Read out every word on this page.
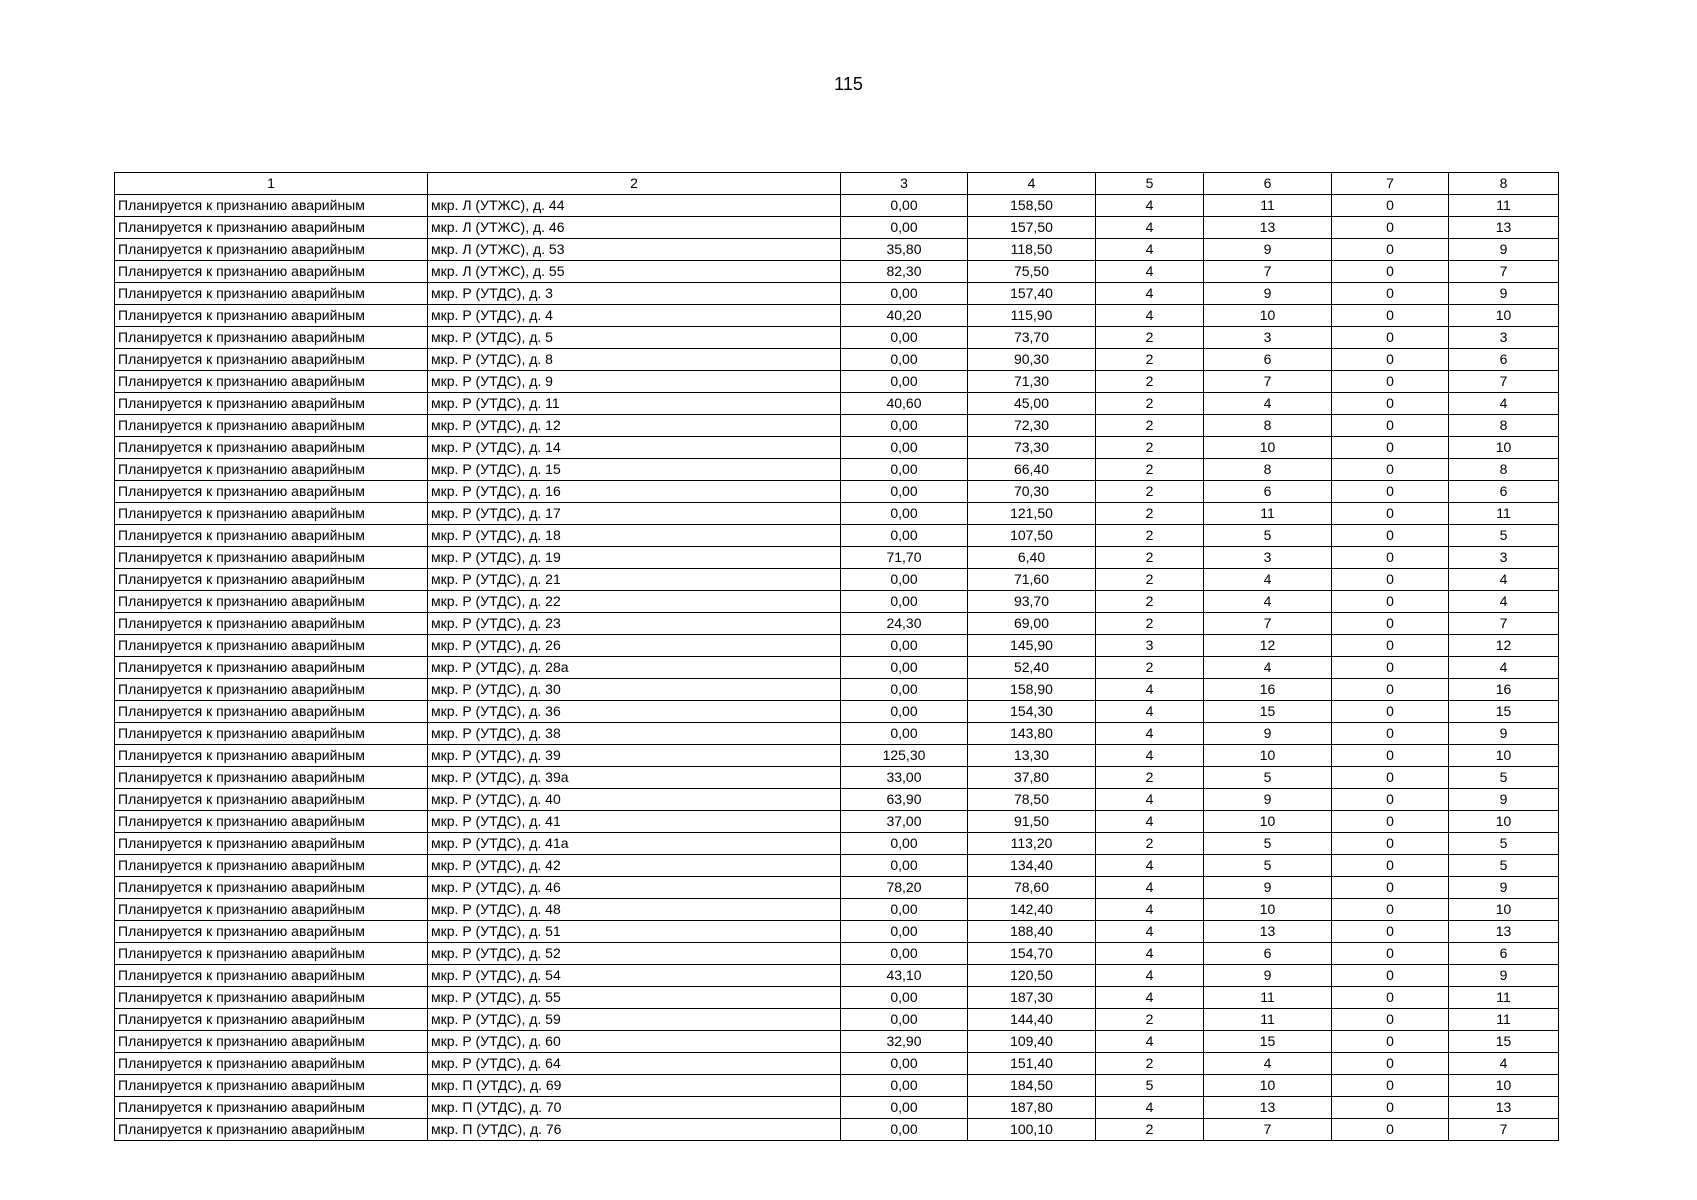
115
1	2	3	4	5	6	7	8
Планируется к признанию аварийным	мкр. Л (УТЖС), д. 44	0,00	158,50	4	11	0	11
Планируется к признанию аварийным	мкр. Л (УТЖС), д. 46	0,00	157,50	4	13	0	13
Планируется к признанию аварийным	мкр. Л (УТЖС), д. 53	35,80	118,50	4	9	0	9
Планируется к признанию аварийным	мкр. Л (УТЖС), д. 55	82,30	75,50	4	7	0	7
Планируется к признанию аварийным	мкр. Р (УТДС), д. 3	0,00	157,40	4	9	0	9
Планируется к признанию аварийным	мкр. Р (УТДС), д. 4	40,20	115,90	4	10	0	10
Планируется к признанию аварийным	мкр. Р (УТДС), д. 5	0,00	73,70	2	3	0	3
Планируется к признанию аварийным	мкр. Р (УТДС), д. 8	0,00	90,30	2	6	0	6
Планируется к признанию аварийным	мкр. Р (УТДС), д. 9	0,00	71,30	2	7	0	7
Планируется к признанию аварийным	мкр. Р (УТДС), д. 11	40,60	45,00	2	4	0	4
Планируется к признанию аварийным	мкр. Р (УТДС), д. 12	0,00	72,30	2	8	0	8
Планируется к признанию аварийным	мкр. Р (УТДС), д. 14	0,00	73,30	2	10	0	10
Планируется к признанию аварийным	мкр. Р (УТДС), д. 15	0,00	66,40	2	8	0	8
Планируется к признанию аварийным	мкр. Р (УТДС), д. 16	0,00	70,30	2	6	0	6
Планируется к признанию аварийным	мкр. Р (УТДС), д. 17	0,00	121,50	2	11	0	11
Планируется к признанию аварийным	мкр. Р (УТДС), д. 18	0,00	107,50	2	5	0	5
Планируется к признанию аварийным	мкр. Р (УТДС), д. 19	71,70	6,40	2	3	0	3
Планируется к признанию аварийным	мкр. Р (УТДС), д. 21	0,00	71,60	2	4	0	4
Планируется к признанию аварийным	мкр. Р (УТДС), д. 22	0,00	93,70	2	4	0	4
Планируется к признанию аварийным	мкр. Р (УТДС), д. 23	24,30	69,00	2	7	0	7
Планируется к признанию аварийным	мкр. Р (УТДС), д. 26	0,00	145,90	3	12	0	12
Планируется к признанию аварийным	мкр. Р (УТДС), д. 28а	0,00	52,40	2	4	0	4
Планируется к признанию аварийным	мкр. Р (УТДС), д. 30	0,00	158,90	4	16	0	16
Планируется к признанию аварийным	мкр. Р (УТДС), д. 36	0,00	154,30	4	15	0	15
Планируется к признанию аварийным	мкр. Р (УТДС), д. 38	0,00	143,80	4	9	0	9
Планируется к признанию аварийным	мкр. Р (УТДС), д. 39	125,30	13,30	4	10	0	10
Планируется к признанию аварийным	мкр. Р (УТДС), д. 39а	33,00	37,80	2	5	0	5
Планируется к признанию аварийным	мкр. Р (УТДС), д. 40	63,90	78,50	4	9	0	9
Планируется к признанию аварийным	мкр. Р (УТДС), д. 41	37,00	91,50	4	10	0	10
Планируется к признанию аварийным	мкр. Р (УТДС), д. 41а	0,00	113,20	2	5	0	5
Планируется к признанию аварийным	мкр. Р (УТДС), д. 42	0,00	134,40	4	5	0	5
Планируется к признанию аварийным	мкр. Р (УТДС), д. 46	78,20	78,60	4	9	0	9
Планируется к признанию аварийным	мкр. Р (УТДС), д. 48	0,00	142,40	4	10	0	10
Планируется к признанию аварийным	мкр. Р (УТДС), д. 51	0,00	188,40	4	13	0	13
Планируется к признанию аварийным	мкр. Р (УТДС), д. 52	0,00	154,70	4	6	0	6
Планируется к признанию аварийным	мкр. Р (УТДС), д. 54	43,10	120,50	4	9	0	9
Планируется к признанию аварийным	мкр. Р (УТДС), д. 55	0,00	187,30	4	11	0	11
Планируется к признанию аварийным	мкр. Р (УТДС), д. 59	0,00	144,40	2	11	0	11
Планируется к признанию аварийным	мкр. Р (УТДС), д. 60	32,90	109,40	4	15	0	15
Планируется к признанию аварийным	мкр. Р (УТДС), д. 64	0,00	151,40	2	4	0	4
Планируется к признанию аварийным	мкр. П (УТДС), д. 69	0,00	184,50	5	10	0	10
Планируется к признанию аварийным	мкр. П (УТДС), д. 70	0,00	187,80	4	13	0	13
Планируется к признанию аварийным	мкр. П (УТДС), д. 76	0,00	100,10	2	7	0	7
